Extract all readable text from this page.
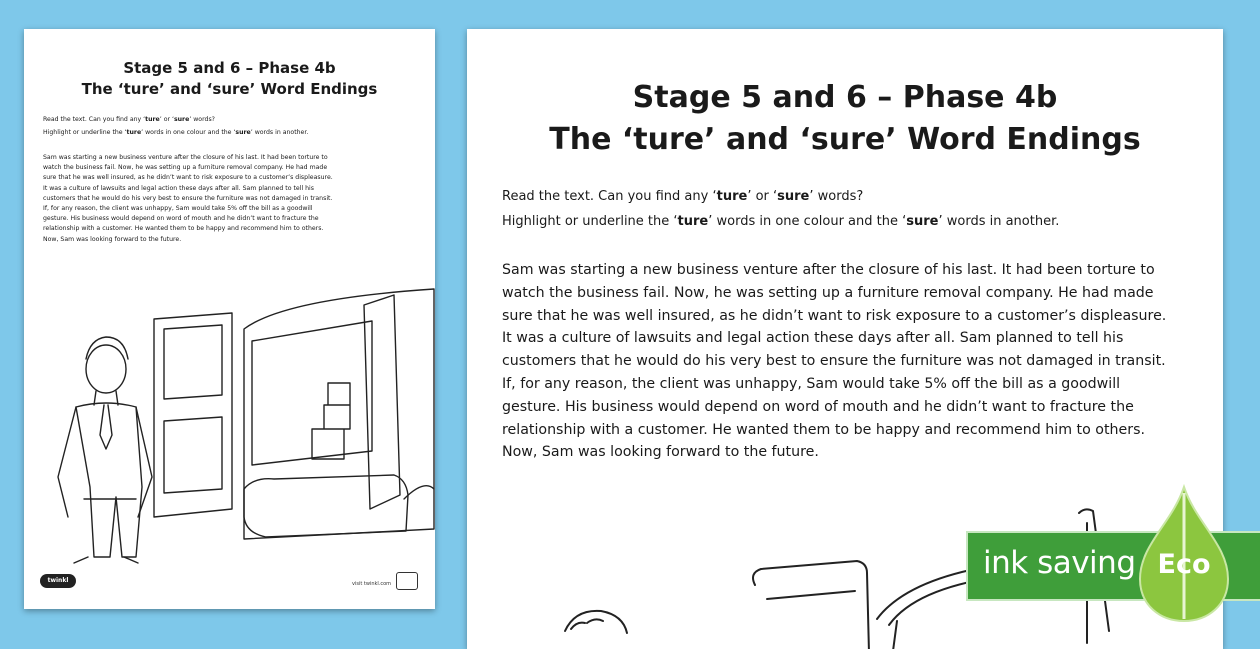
Stage 5 and 6 – Phase 4b

The ‘ture’ and ‘sure’ Word Endings

Read the text. Can you find any ‘ture’ or ‘sure’ words?
Highlight or underline the ‘ture’ words in one colour and the ‘sure’ words in another.
Sam was starting a new business venture after the closure of his last. It had been torture to
watch the business fail. Now, he was setting up a furniture removal company. He had made
sure that he was well insured, as he didn’t want to risk exposure to a customer’s displeasure.
It was a culture of lawsuits and legal action these days after all. Sam planned to tell his
customers that he would do his very best to ensure the furniture was not damaged in transit.
If, for any reason, the client was unhappy, Sam would take 5% off the bill as a goodwill
gesture. His business would depend on word of mouth and he didn’t want to fracture the
relationship with a customer. He wanted them to be happy and recommend him to others.
Now, Sam was looking forward to the future.
twinkl	visit twinkl.com

Stage 5 and 6 – Phase 4b

The ‘ture’ and ‘sure’ Word Endings

Read the text. Can you find any ‘ture’ or ‘sure’ words?
Highlight or underline the ‘ture’ words in one colour and the ‘sure’ words in another.
Sam was starting a new business venture after the closure of his last. It had been torture to
watch the business fail. Now, he was setting up a furniture removal company. He had made
sure that he was well insured, as he didn’t want to risk exposure to a customer’s displeasure.
It was a culture of lawsuits and legal action these days after all. Sam planned to tell his
customers that he would do his very best to ensure the furniture was not damaged in transit.
If, for any reason, the client was unhappy, Sam would take 5% off the bill as a goodwill
gesture. His business would depend on word of mouth and he didn’t want to fracture the
relationship with a customer. He wanted them to be happy and recommend him to others.
Now, Sam was looking forward to the future.
ink saving Eco
